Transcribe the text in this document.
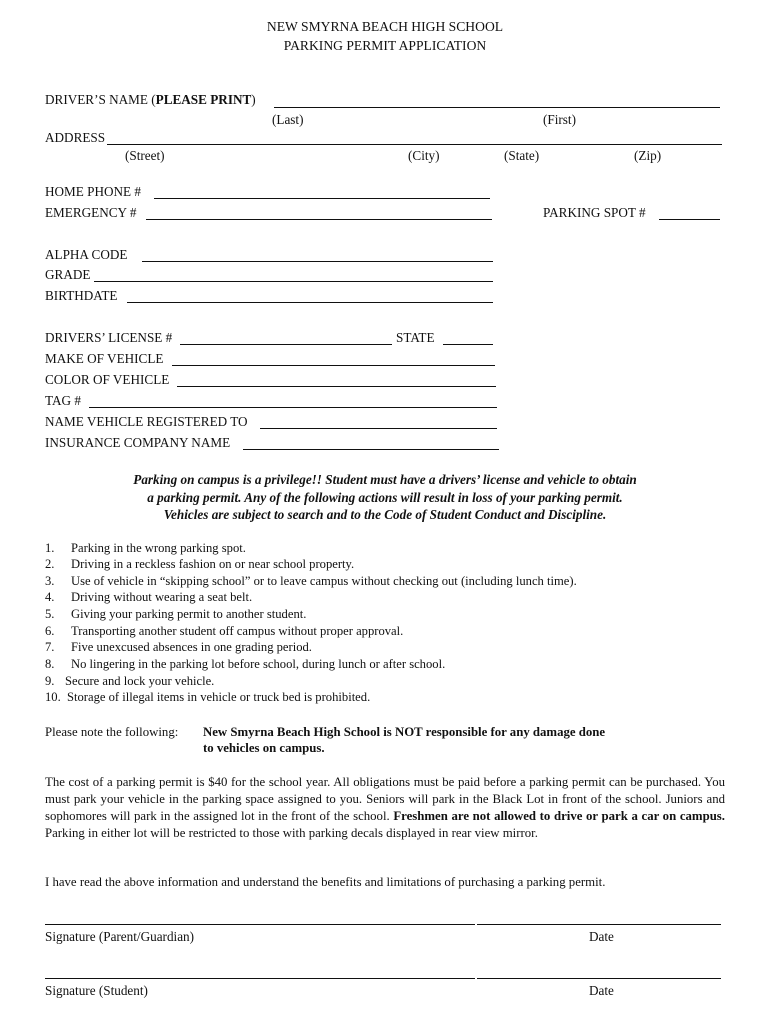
NEW SMYRNA BEACH HIGH SCHOOL
PARKING PERMIT APPLICATION
DRIVER’S NAME (PLEASE PRINT)
(Last)	(First)
ADDRESS
(Street)	(City)	(State)	(Zip)
HOME PHONE #
EMERGENCY #	PARKING SPOT #
ALPHA CODE
GRADE
BIRTHDATE
DRIVERS’ LICENSE #	STATE
MAKE OF VEHICLE
COLOR OF VEHICLE
TAG #
NAME VEHICLE REGISTERED TO
INSURANCE COMPANY NAME
Parking on campus is a privilege!! Student must have a drivers’ license and vehicle to obtain
a parking permit. Any of the following actions will result in loss of your parking permit.
Vehicles are subject to search and to the Code of Student Conduct and Discipline.
1. Parking in the wrong parking spot.
2. Driving in a reckless fashion on or near school property.
3. Use of vehicle in “skipping school” or to leave campus without checking out (including lunch time).
4. Driving without wearing a seat belt.
5. Giving your parking permit to another student.
6. Transporting another student off campus without proper approval.
7. Five unexcused absences in one grading period.
8. No lingering in the parking lot before school, during lunch or after school.
9. Secure and lock your vehicle.
10. Storage of illegal items in vehicle or truck bed is prohibited.
Please note the following: New Smyrna Beach High School is NOT responsible for any damage done
to vehicles on campus.
The cost of a parking permit is $40 for the school year. All obligations must be paid before a parking permit can be purchased. You must park your vehicle in the parking space assigned to you. Seniors will park in the Black Lot in front of the school. Juniors and sophomores will park in the assigned lot in the front of the school. Freshmen are not allowed to drive or park a car on campus. Parking in either lot will be restricted to those with parking decals displayed in rear view mirror.
I have read the above information and understand the benefits and limitations of purchasing a parking permit.
Signature (Parent/Guardian)	Date
Signature (Student)	Date
